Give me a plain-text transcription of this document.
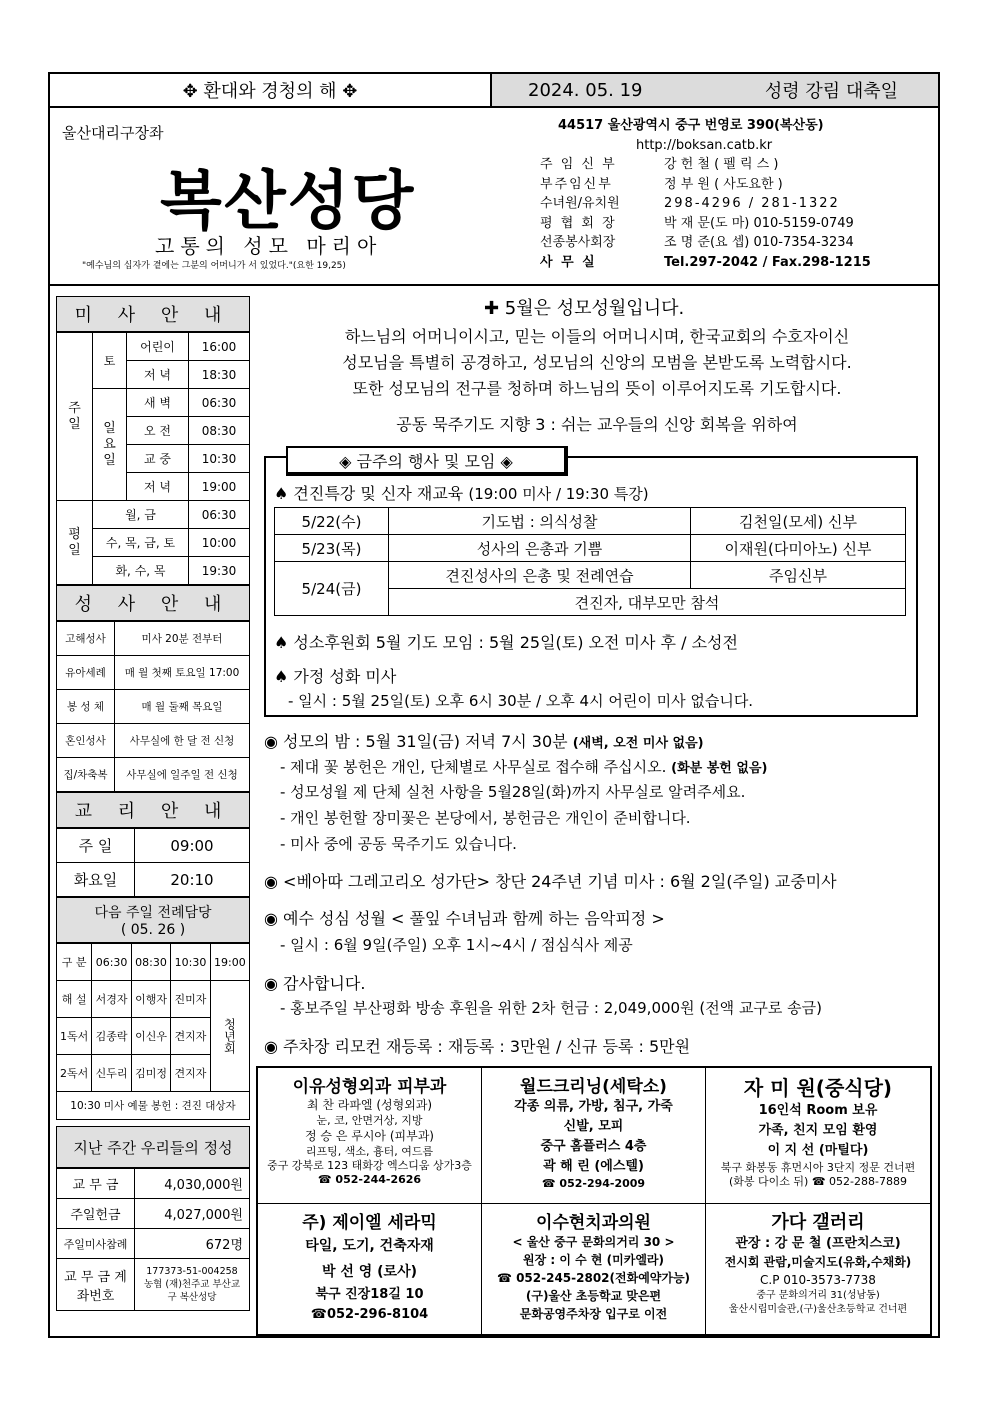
✥ 환대와 경청의 해 ✥	2024. 05. 19	성령 강림 대축일
울산대리구장좌
복산성당
고통의 성모 마리아
"예수님의 십자가 곁에는 그분의 어머니가 서 있었다."(요한 19,25)
44517 울산광역시 중구 번영로 390(복산동)
http://boksan.catb.kr
주 임 신 부	강 헌 철 ( 펠 릭 스 )
부주임신부	정 부 원 ( 사도요한 )
수녀원/유치원	298-4296 / 281-1322
평 협 회 장	박 재 문(도 마) 010-5159-0749
선종봉사회장	조 명 준(요 셉) 010-7354-3234
사 무 실	Tel.297-2042 / Fax.298-1215
미 사 안 내
주
일	토	어린이	16:00
		저 녁	18:30
	일
요
일	새 벽	06:30
		오 전	08:30
		교 중	10:30
		저 녁	19:00
평
일	월, 금		06:30
	수, 목, 금, 토		10:00
	화, 수, 목		19:30
성 사 안 내
고해성사	미사 20분 전부터
유아세례	매 월 첫째 토요일 17:00
봉 성 체	매 월 둘째 목요일
혼인성사	사무실에 한 달 전 신청
집/차축복	사무실에 일주일 전 신청
교 리 안 내
주 일	09:00
화요일	20:10
다음 주일 전례담당
( 05. 26 )
구 분	06:30	08:30	10:30	19:00
해 설	서경자	이행자	진미자	청년회
1독서	김종락	이신우	견지자	
2독서	신두리	김미정	견지자	
10:30 미사 예물 봉헌 : 견진 대상자				
지난 주간 우리들의 정성
교 무 금	4,030,000원
주일헌금	4,027,000원
주일미사참례	672명
교 무 금 계좌번호	177373-51-004258 농협 (재)천주교 부산교구 복산성당
✚ 5월은 성모성월입니다.
하느님의 어머니이시고, 믿는 이들의 어머니시며, 한국교회의 수호자이신
성모님을 특별히 공경하고, 성모님의 신앙의 모범을 본받도록 노력합시다.
또한 성모님의 전구를 청하며 하느님의 뜻이 이루어지도록 기도합시다.
공동 묵주기도 지향 3 : 쉬는 교우들의 신앙 회복을 위하여
◈ 금주의 행사 및 모임 ◈
♠ 견진특강 및 신자 재교육 (19:00 미사 / 19:30 특강)
5/22(수)	기도법 : 의식성찰	김천일(모세) 신부
5/23(목)	성사의 은총과 기쁨	이재원(다미아노) 신부
5/24(금)	견진성사의 은총 및 전례연습	주임신부
	견진자, 대부모만 참석	
♠ 성소후원회 5월 기도 모임 : 5월 25일(토) 오전 미사 후 / 소성전
♠ 가정 성화 미사
- 일시 : 5월 25일(토) 오후 6시 30분 / 오후 4시 어린이 미사 없습니다.
◉ 성모의 밤 : 5월 31일(금) 저녁 7시 30분 (새벽, 오전 미사 없음)
- 제대 꽃 봉헌은 개인, 단체별로 사무실로 접수해 주십시오. (화분 봉헌 없음)
- 성모성월 제 단체 실천 사항을 5월28일(화)까지 사무실로 알려주세요.
- 개인 봉헌할 장미꽃은 본당에서, 봉헌금은 개인이 준비합니다.
- 미사 중에 공동 묵주기도 있습니다.
◉ <베아따 그레고리오 성가단> 창단 24주년 기념 미사 : 6월 2일(주일) 교중미사
◉ 예수 성심 성월 < 풀잎 수녀님과 함께 하는 음악피정 >
- 일시 : 6월 9일(주일) 오후 1시~4시 / 점심식사 제공
◉ 감사합니다.
- 홍보주일 부산평화 방송 후원을 위한 2차 헌금 : 2,049,000원 (전액 교구로 송금)
◉ 주차장 리모컨 재등록 : 재등록 : 3만원 / 신규 등록 : 5만원
이유성형외과 피부과
최 찬 라파엘 (성형외과)
눈, 코, 안면거상, 지방
정 승 은 루시아 (피부과)
리프팅, 색소, 흉터, 여드름
중구 강북로 123 태화강 엑스디움 상가3층
☎ 052-244-2626
월드크리닝(세탁소)
각종 의류, 가방, 침구, 가죽
신발, 모피
중구 홈플러스 4층
곽 해 린 (에스텔)
☎ 052-294-2009
자 미 원(중식당)
16인석 Room 보유
가족, 친지 모임 환영
이 지 선 (마틸다)
북구 화봉동 휴먼시아 3단지 정문 건너편
(화봉 다이소 뒤) ☎ 052-288-7889
주) 제이엘 세라믹
타일, 도기, 건축자재
박 선 영 (로사)
북구 진장18길 10
☎052-296-8104
이수현치과의원
< 울산 중구 문화의거리 30 >
원장 : 이 수 현 (미카엘라)
☎ 052-245-2802(전화예약가능)
(구)울산 초등학교 맞은편
문화공영주차장 입구로 이전
가다 갤러리
관장 : 강 문 철 (프란치스코)
전시회 관람,미술지도(유화,수채화)
C.P 010-3573-7738
중구 문화의거리 31(성남동)
울산시립미술관,(구)울산초등학교 건너편
